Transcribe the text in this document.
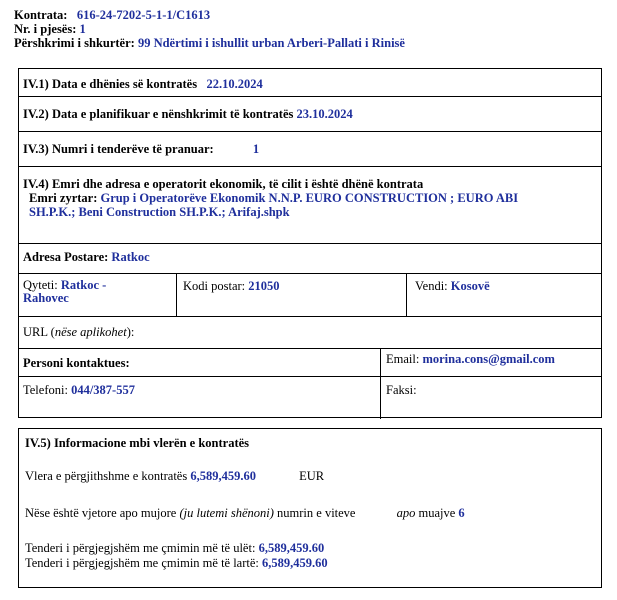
Kontrata: 616-24-7202-5-1-1/C1613
Nr. i pjesës: 1
Përshkrimi i shkurtër: 99 Ndërtimi i ishullit urban Arberi-Pallati i Rinisë
IV.1) Data e dhënies së kontratës 22.10.2024
IV.2) Data e planifikuar e nënshkrimit të kontratës 23.10.2024
IV.3) Numri i tenderëve të pranuar:	1
IV.4) Emri dhe adresa e operatorit ekonomik, të cilit i është dhënë kontrata
Emri zyrtar: Grup i Operatorëve Ekonomik N.N.P. EURO CONSTRUCTION ; EURO ABI
SH.P.K.; Beni Construction SH.P.K.; Arifaj.shpk
Adresa Postare: Ratkoc
Qyteti: Ratkoc -
Rahovec
Kodi postar: 21050	Vendi: Kosovë
URL (nëse aplikohet):
Personi kontaktues:	Email: morina.cons@gmail.com
Telefoni: 044/387-557	Faksi:
IV.5) Informacione mbi vlerën e kontratës
Vlera e përgjithshme e kontratës 6,589,459.60	EUR
Nëse është vjetore apo mujore (ju lutemi shënoni) numrin e viteve	apo muajve 6
Tenderi i përgjegjshëm me çmimin më të ulët: 6,589,459.60
Tenderi i përgjegjshëm me çmimin më të lartë: 6,589,459.60
